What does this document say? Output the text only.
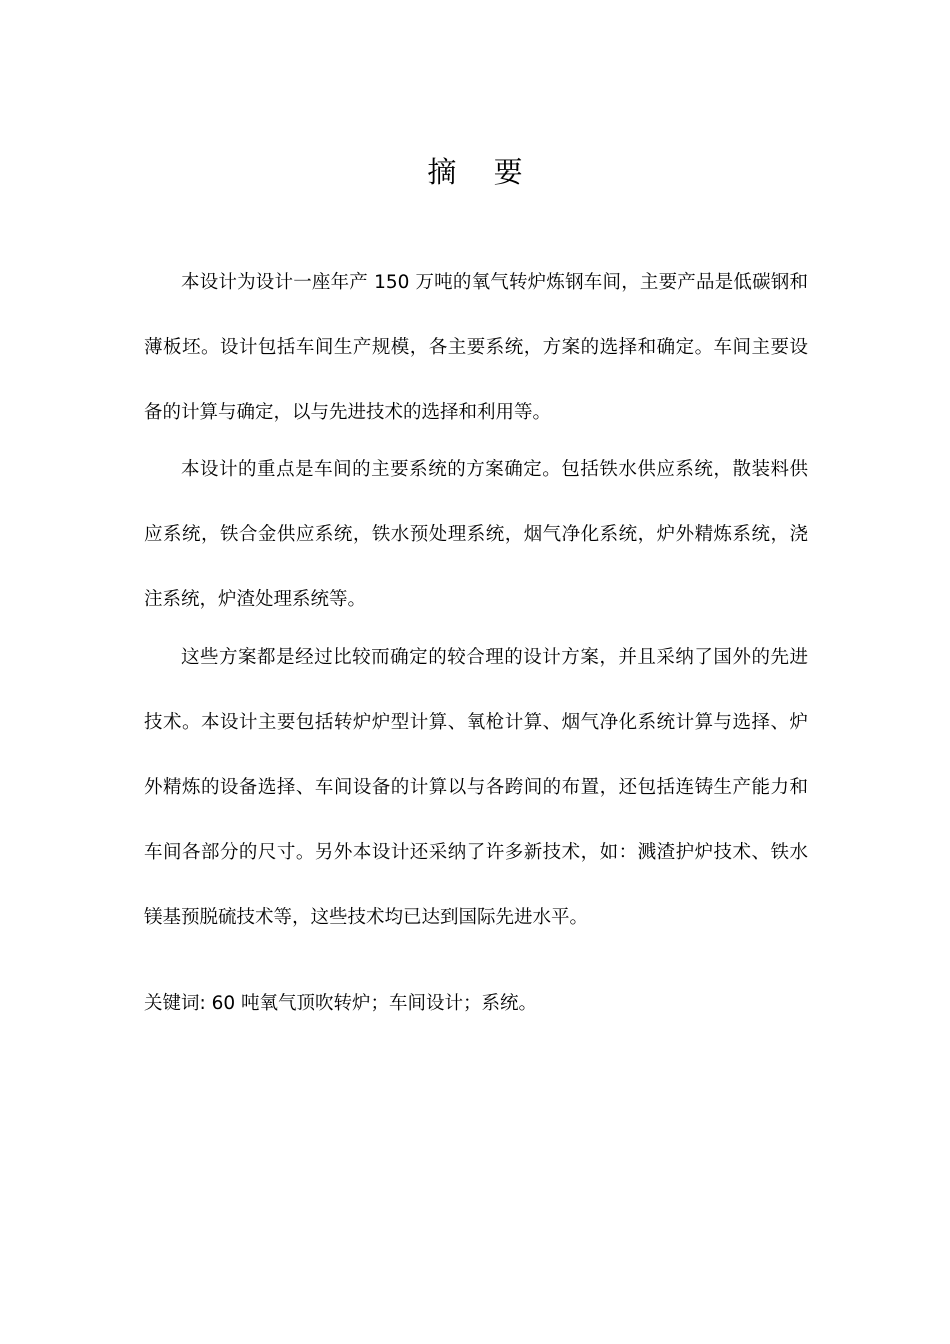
摘 要

本设计为设计一座年产 150 万吨的氧气转炉炼钢车间，主要产品是低碳钢和薄板坯。设计包括车间生产规模，各主要系统，方案的选择和确定。车间主要设备的计算与确定，以与先进技术的选择和利用等。

本设计的重点是车间的主要系统的方案确定。包括铁水供应系统，散装料供应系统，铁合金供应系统，铁水预处理系统，烟气净化系统，炉外精炼系统，浇注系统，炉渣处理系统等。

这些方案都是经过比较而确定的较合理的设计方案，并且采纳了国外的先进技术。本设计主要包括转炉炉型计算、氧枪计算、烟气净化系统计算与选择、炉外精炼的设备选择、车间设备的计算以与各跨间的布置，还包括连铸生产能力和车间各部分的尺寸。另外本设计还采纳了许多新技术，如：溅渣护炉技术、铁水镁基预脱硫技术等，这些技术均已达到国际先进水平。

关键词: 60 吨氧气顶吹转炉；车间设计；系统。
